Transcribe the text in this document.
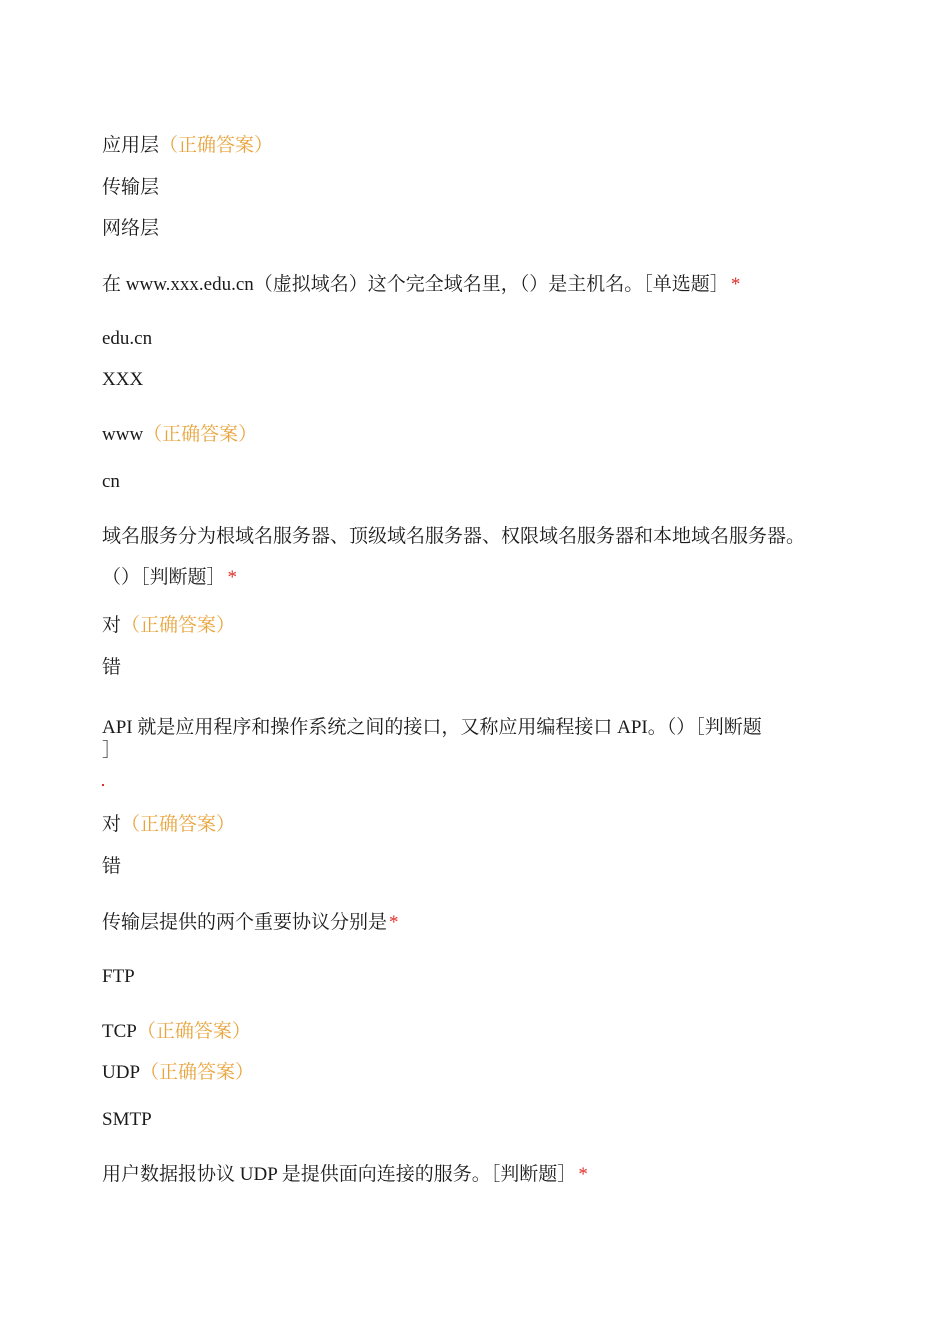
应用层（正确答案）
传输层
网络层
在 www.xxx.edu.cn（虚拟域名）这个完全域名里，（）是主机名。［单选题］ *
edu.cn
XXX
www（正确答案）
cn
域名服务分为根域名服务器、顶级域名服务器、权限域名服务器和本地域名服务器。
（）［判断题］ *
对（正确答案）
错
API 就是应用程序和操作系统之间的接口，又称应用编程接口 API。（）［判断题
］
对（正确答案）
错
传输层提供的两个重要协议分别是 *
FTP
TCP（正确答案）
UDP（正确答案）
SMTP
用户数据报协议 UDP 是提供面向连接的服务。［判断题］ *
